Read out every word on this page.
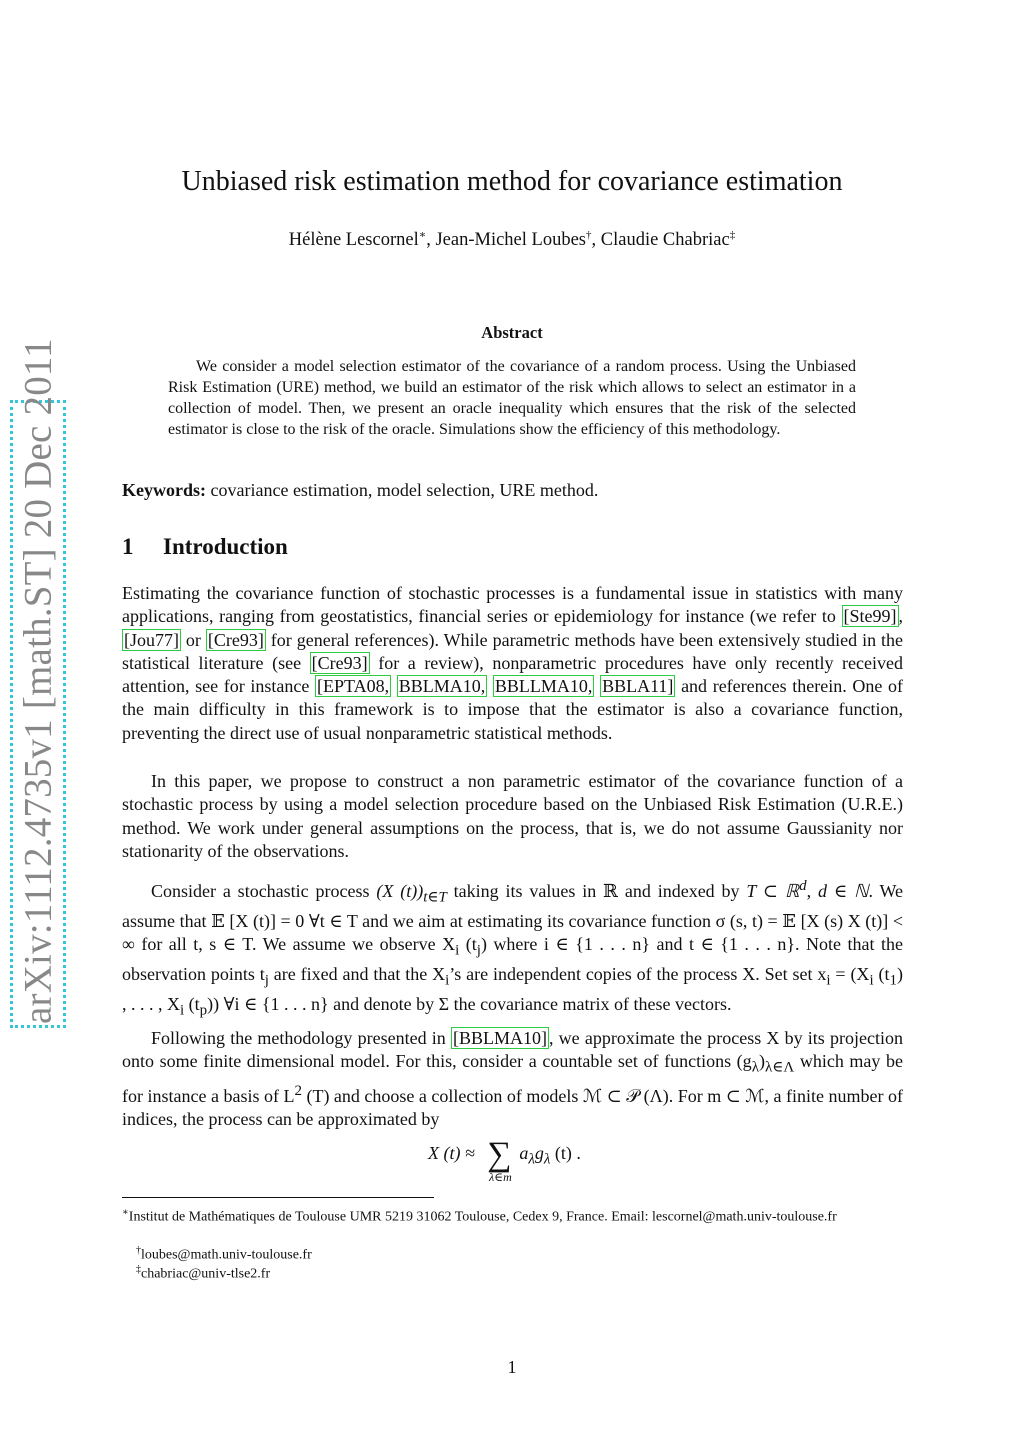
arXiv:1112.4735v1 [math.ST] 20 Dec 2011
Unbiased risk estimation method for covariance estimation
Hélène Lescornel∗, Jean-Michel Loubes†, Claudie Chabriac‡
Abstract

We consider a model selection estimator of the covariance of a random process. Using the Unbiased Risk Estimation (URE) method, we build an estimator of the risk which allows to select an estimator in a collection of model. Then, we present an oracle inequality which ensures that the risk of the selected estimator is close to the risk of the oracle. Simulations show the efficiency of this methodology.

Keywords: covariance estimation, model selection, URE method.
1 Introduction

Estimating the covariance function of stochastic processes is a fundamental issue in statistics with many applications, ranging from geostatistics, financial series or epidemiology for instance (we refer to [Ste99] , [Jou77] or [Cre93] for general references). While parametric methods have been extensively studied in the statistical literature (see [Cre93] for a review), nonparametric procedures have only recently received attention, see for instance [EPTA08, BBLMA10, BBLLMA10, BBLA11] and references therein. One of the main difficulty in this framework is to impose that the estimator is also a covariance function, preventing the direct use of usual nonparametric statistical methods.

In this paper, we propose to construct a non parametric estimator of the covariance function of a stochastic process by using a model selection procedure based on the Unbiased Risk Estimation (U.R.E.) method. We work under general assumptions on the process, that is, we do not assume Gaussianity nor stationarity of the observations.

Consider a stochastic process (X $(t))_{t\in T}$ taking its values in ℝ and indexed by T ⊂ ℝ$^d$, d ∈ ℕ. We assume that 𝔼 [X (t)] = 0 ∀t ∈ T and we aim at estimating its covariance function σ (s, t) = 𝔼 [X (s) X (t)] < ∞ for all t, s ∈ T. We assume we observe $X_i$ $(t_j)$ where i ∈ {1 . . . n} and t ∈ {1 . . . n}. Note that the observation points $t_j$ are fixed and that the $X_i’s$ are independent copies of the process X. Set set $x_i = (X_i$ $(t_1)$ , . . . , $X_i$ $(t_p)$) ∀i ∈ {1 . . . n} and denote by Σ the covariance matrix of these vectors.

Following the methodology presented in [BBLMA10] , we approximate the process X by its projection onto some finite dimensional model. For this, consider a countable set of functions $(g_\lambda)_{\lambda\in\Lambda}$ which may be for instance a basis of $L^2$ (T) and choose a collection of models ℳ ⊂ 𝒫 (Λ). For m ⊂ ℳ, a finite number of indices, the process can be approximated by

X (t) ≈ ∑
λ∈m
$a_\lambda g_\lambda$ (t) .

∗Institut de Mathématiques de Toulouse UMR 5219 31062 Toulouse, Cedex 9, France. Email: lescornel@math.univ-toulouse.fr

†loubes@math.univ-toulouse.fr

‡chabriac@univ-tlse2.fr

1
